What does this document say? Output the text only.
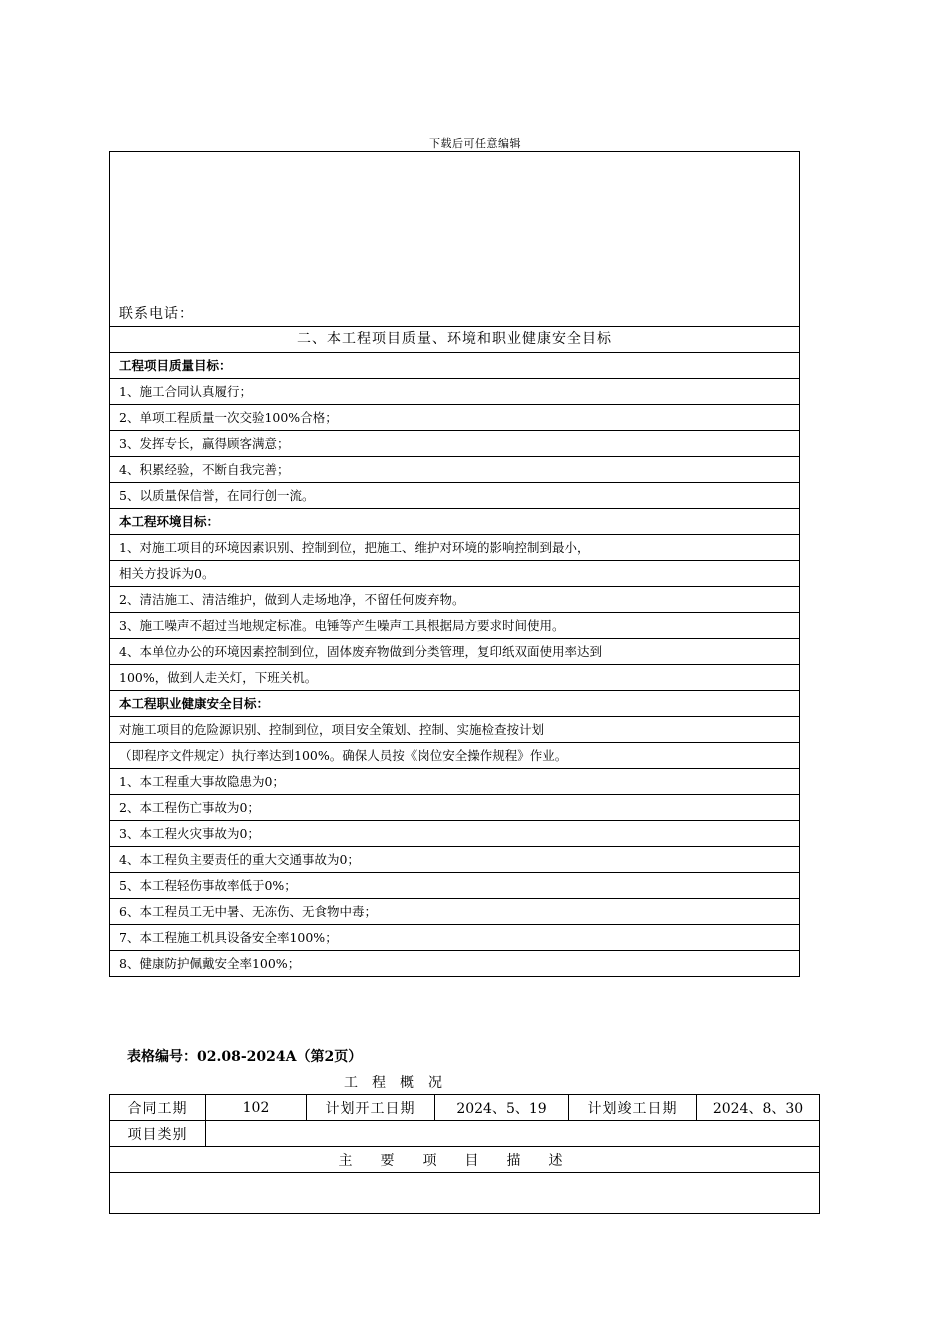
下载后可任意编辑
联系电话：
二、本工程项目质量、环境和职业健康安全目标
工程项目质量目标：
1、施工合同认真履行；
2、单项工程质量一次交验100%合格；
3、发挥专长，赢得顾客满意；
4、积累经验，不断自我完善；
5、以质量保信誉，在同行创一流。
本工程环境目标：
1、对施工项目的环境因素识别、控制到位，把施工、维护对环境的影响控制到最小，
相关方投诉为0。
2、清洁施工、清洁维护，做到人走场地净，不留任何废弃物。
3、施工噪声不超过当地规定标准。电锤等产生噪声工具根据局方要求时间使用。
4、本单位办公的环境因素控制到位，固体废弃物做到分类管理，复印纸双面使用率达到
100%，做到人走关灯，下班关机。
本工程职业健康安全目标：
对施工项目的危险源识别、控制到位，项目安全策划、控制、实施检查按计划
（即程序文件规定）执行率达到100%。确保人员按《岗位安全操作规程》作业。
1、本工程重大事故隐患为0；
2、本工程伤亡事故为0；
3、本工程火灾事故为0；
4、本工程负主要责任的重大交通事故为0；
5、本工程轻伤事故率低于0%；
6、本工程员工无中暑、无冻伤、无食物中毒；
7、本工程施工机具设备安全率100%；
8、健康防护佩戴安全率100%；
表格编号：02.08-2024A（第2页）
工程概况
合同工期	102	计划开工日期	2024、5、19	计划竣工日期	2024、8、30
项目类别					
主要项目描述					
